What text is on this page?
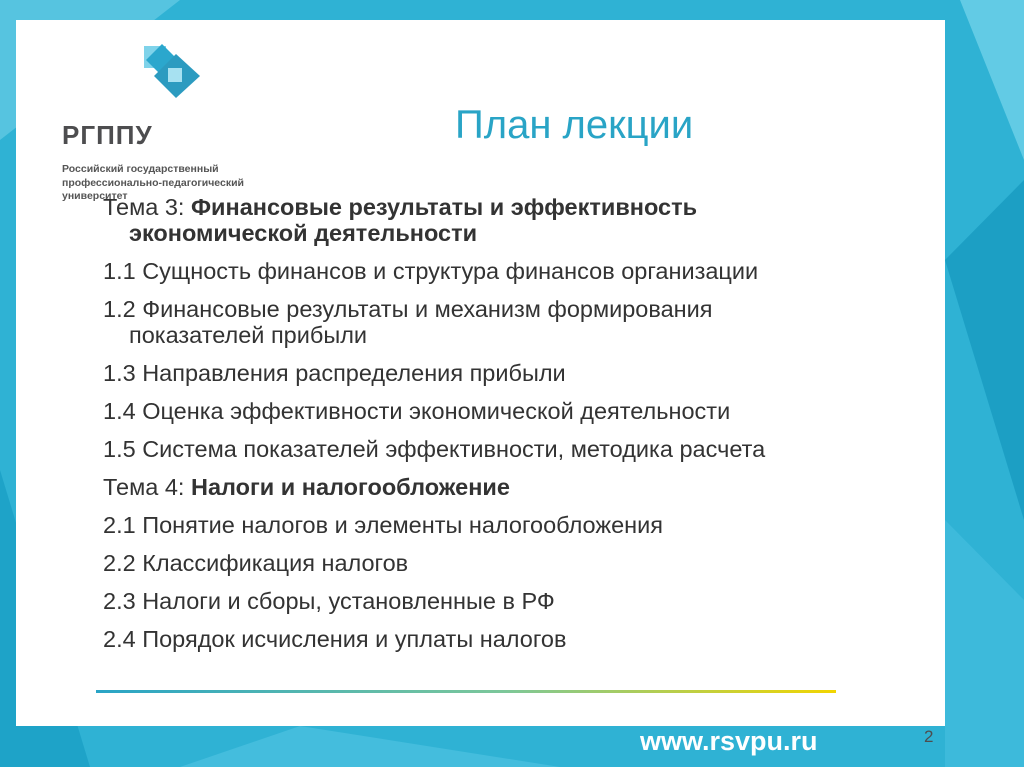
РГППУ
Российский государственный
профессионально-педагогический
университет
План лекции
Тема 3: Финансовые результаты и эффективность
экономической деятельности
1.1 Сущность финансов и структура финансов организации
1.2 Финансовые результаты и механизм формирования
показателей прибыли
1.3 Направления распределения прибыли
1.4 Оценка эффективности экономической деятельности
1.5 Система показателей эффективности, методика расчета
Тема 4: Налоги и налогообложение
2.1 Понятие налогов и элементы налогообложения
2.2 Классификация налогов
2.3 Налоги и сборы, установленные в РФ
2.4 Порядок исчисления и уплаты налогов
www.rsvpu.ru	2
